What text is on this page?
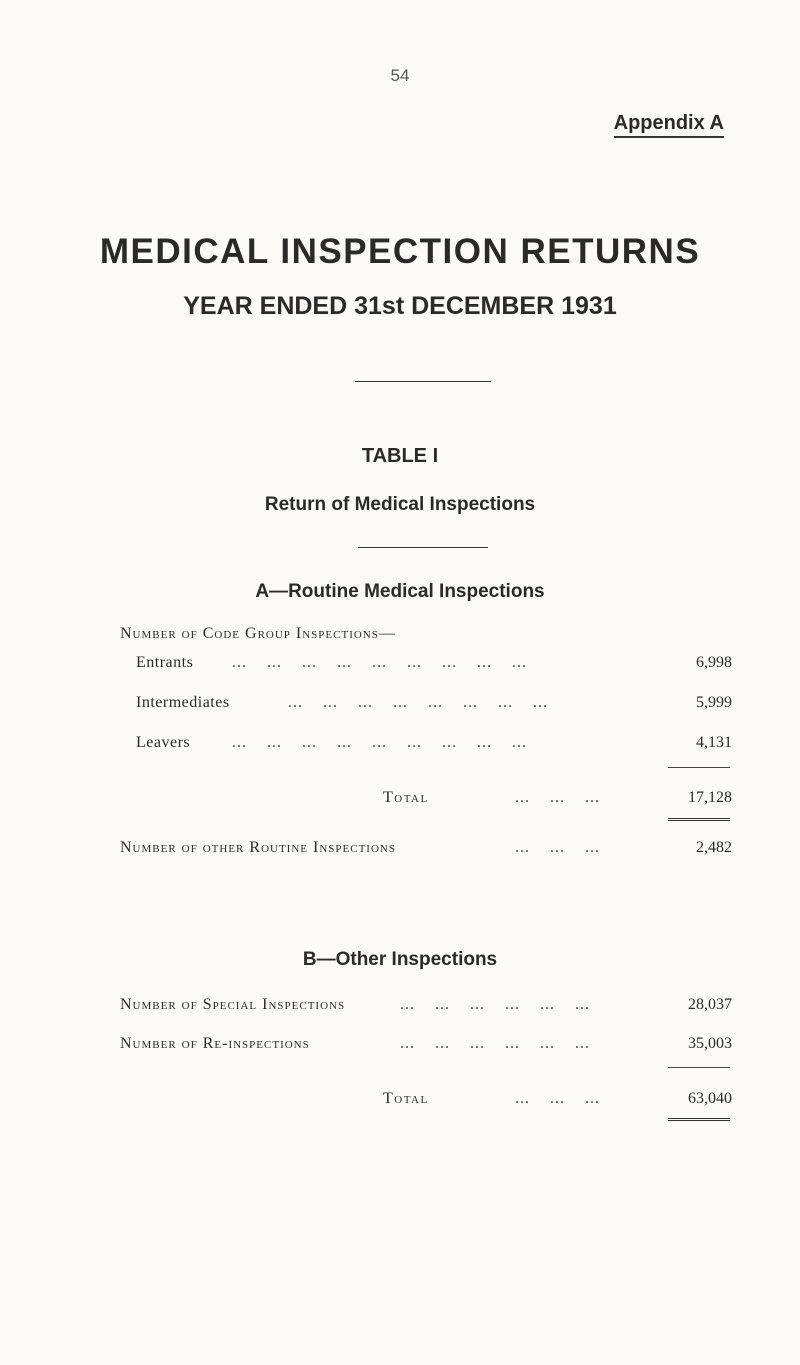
54
Appendix A
MEDICAL INSPECTION RETURNS
YEAR ENDED 31st DECEMBER 1931
TABLE I
Return of Medical Inspections
A—Routine Medical Inspections
Number of Code Group Inspections—
Entrants ...    ...    ...    ...    ...    ...    ...    ...    ...	6,998
Intermediates	...    ...    ...    ...    ...    ...    ...    ...	5,999
Leavers	...    ...    ...    ...    ...    ...    ...    ...    ...	4,131
Total	...    ...    ...	17,128
Number of other Routine Inspections	...    ...    ...	2,482
B—Other Inspections
Number of Special Inspections	...    ...    ...    ...    ...    ...	28,037
Number of Re-inspections	...    ...    ...    ...    ...    ...	35,003
Total	...    ...    ...	63,040
